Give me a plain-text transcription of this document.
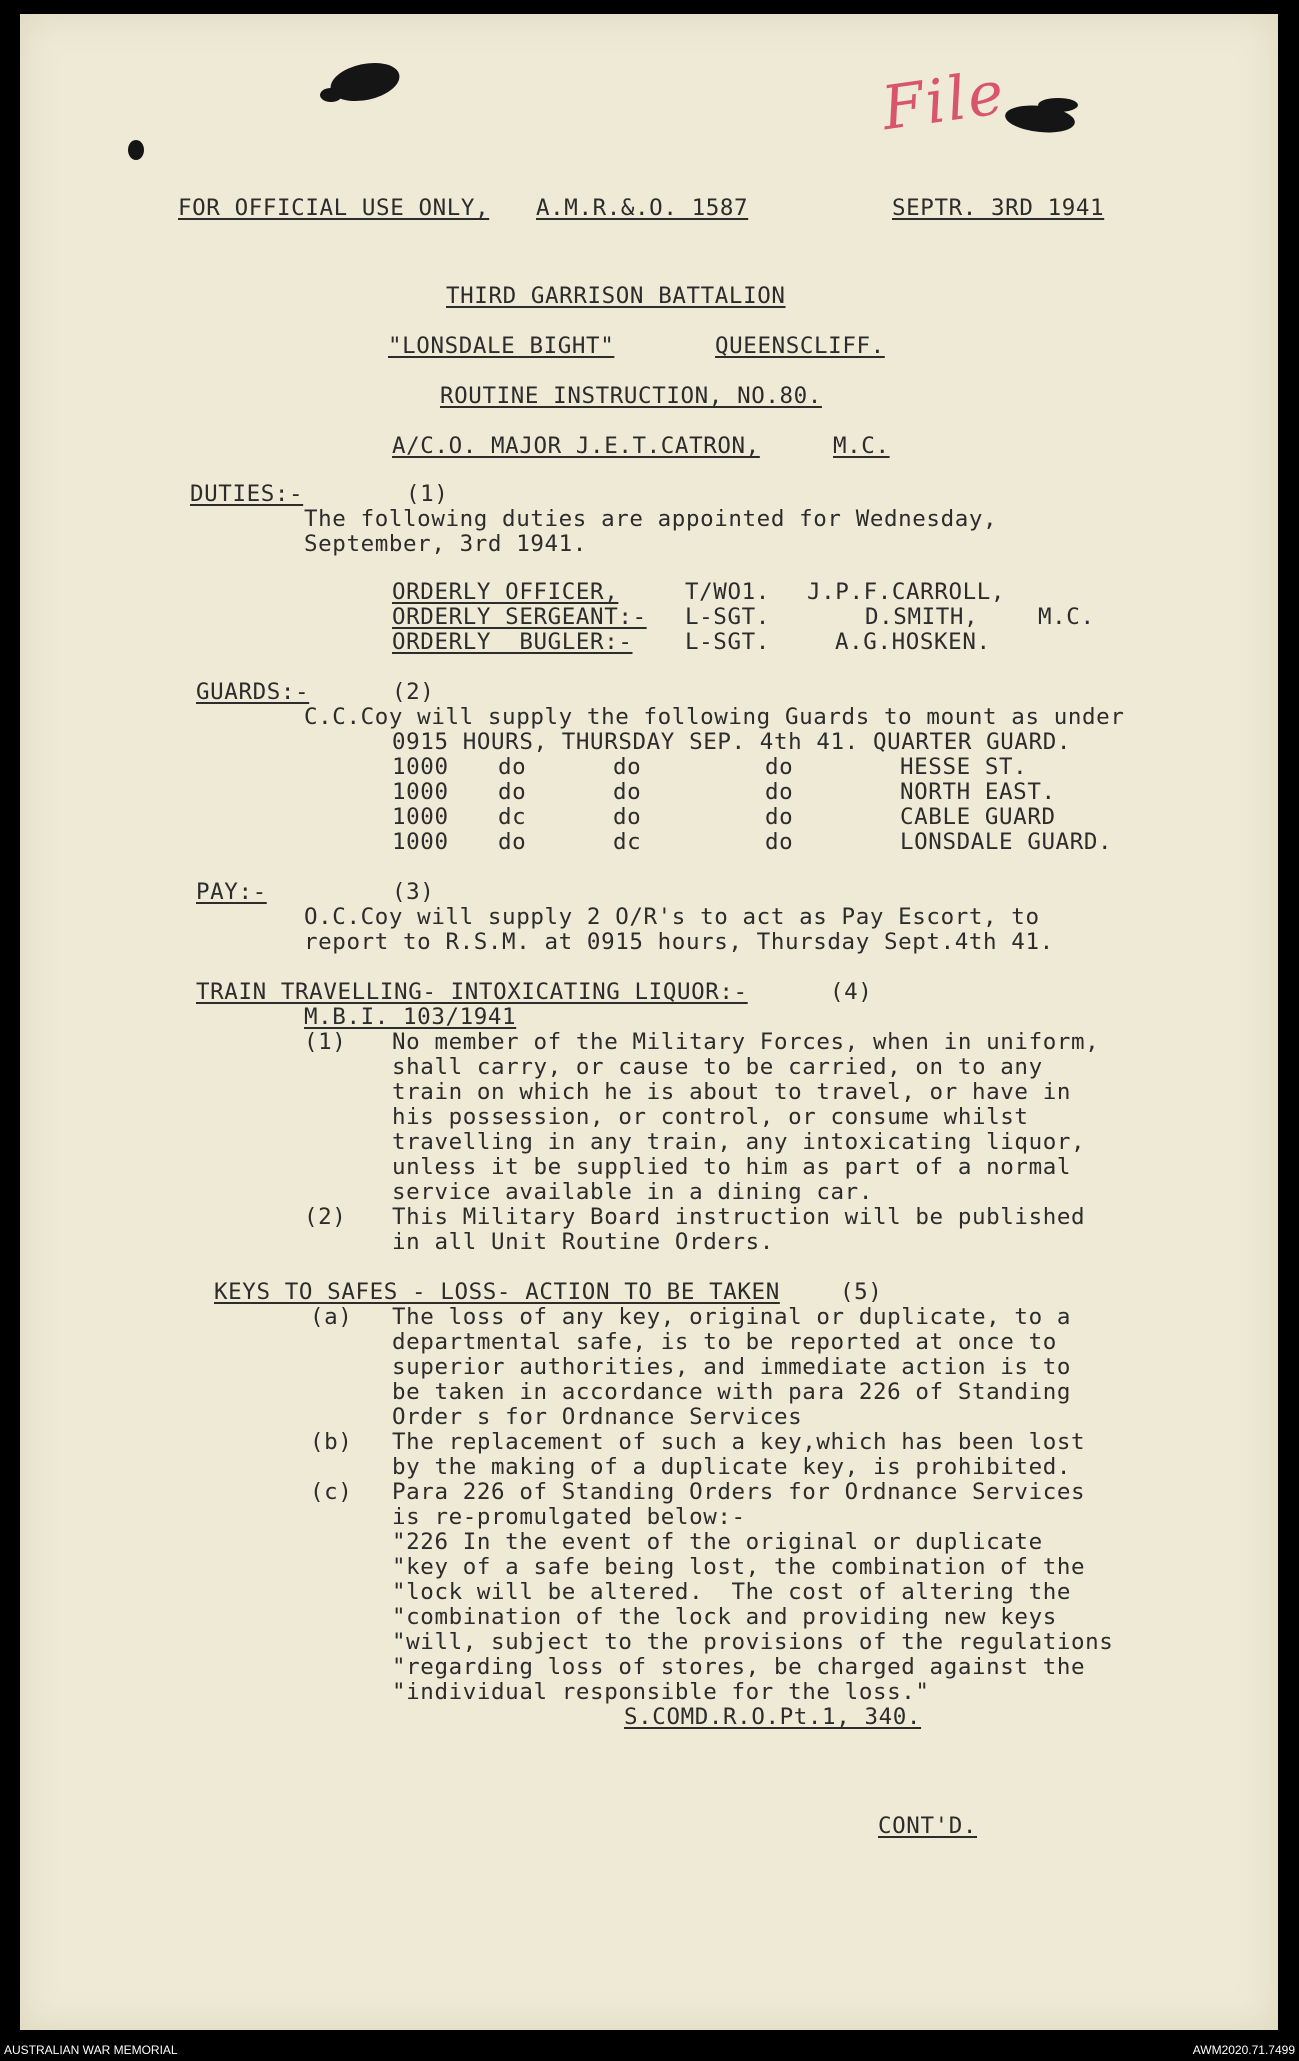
File
FOR OFFICIAL USE ONLY, A.M.R.&.O. 1587	SEPTR. 3RD 1941
THIRD GARRISON BATTALION
"LONSDALE BIGHT"	QUEENSCLIFF.
ROUTINE INSTRUCTION, NO.80.
A/C.O. MAJOR J.E.T.CATRON,	M.C.
DUTIES:-	(1)
The following duties are appointed for Wednesday,
September, 3rd 1941.
ORDERLY OFFICER,	T/WO1. J.P.F.CARROLL,
ORDERLY SERGEANT:- L-SGT.	D.SMITH,	M.C.
ORDERLY  BUGLER:- L-SGT.	A.G.HOSKEN.
GUARDS:-	(2)
C.C.Coy will supply the following Guards to mount as under
0915 HOURS, THURSDAY SEP. 4th 41. QUARTER GUARD.
1000 do	do	do	HESSE ST.
1000 do	do	do	NORTH EAST.
1000 dc	do	do	CABLE GUARD
1000 do	dc	do	LONSDALE GUARD.
PAY:-	(3)
O.C.Coy will supply 2 O/R's to act as Pay Escort, to
report to R.S.M. at 0915 hours, Thursday Sept.4th 41.
TRAIN TRAVELLING- INTOXICATING LIQUOR:-	(4)
M.B.I. 103/1941
(1) No member of the Military Forces, when in uniform,
shall carry, or cause to be carried, on to any
train on which he is about to travel, or have in
his possession, or control, or consume whilst
travelling in any train, any intoxicating liquor,
unless it be supplied to him as part of a normal
service available in a dining car.
(2) This Military Board instruction will be published
in all Unit Routine Orders.
KEYS TO SAFES - LOSS- ACTION TO BE TAKEN	(5)
(a) The loss of any key, original or duplicate, to a
departmental safe, is to be reported at once to
superior authorities, and immediate action is to
be taken in accordance with para 226 of Standing
Order s for Ordnance Services
(b) The replacement of such a key,which has been lost
by the making of a duplicate key, is prohibited.
(c) Para 226 of Standing Orders for Ordnance Services
is re-promulgated below:-
"226 In the event of the original or duplicate
"key of a safe being lost, the combination of the
"lock will be altered.  The cost of altering the
"combination of the lock and providing new keys
"will, subject to the provisions of the regulations
"regarding loss of stores, be charged against the
"individual responsible for the loss."
S.COMD.R.O.Pt.1, 340.
CONT'D.
AUSTRALIAN WAR MEMORIAL	AWM2020.71.7499
